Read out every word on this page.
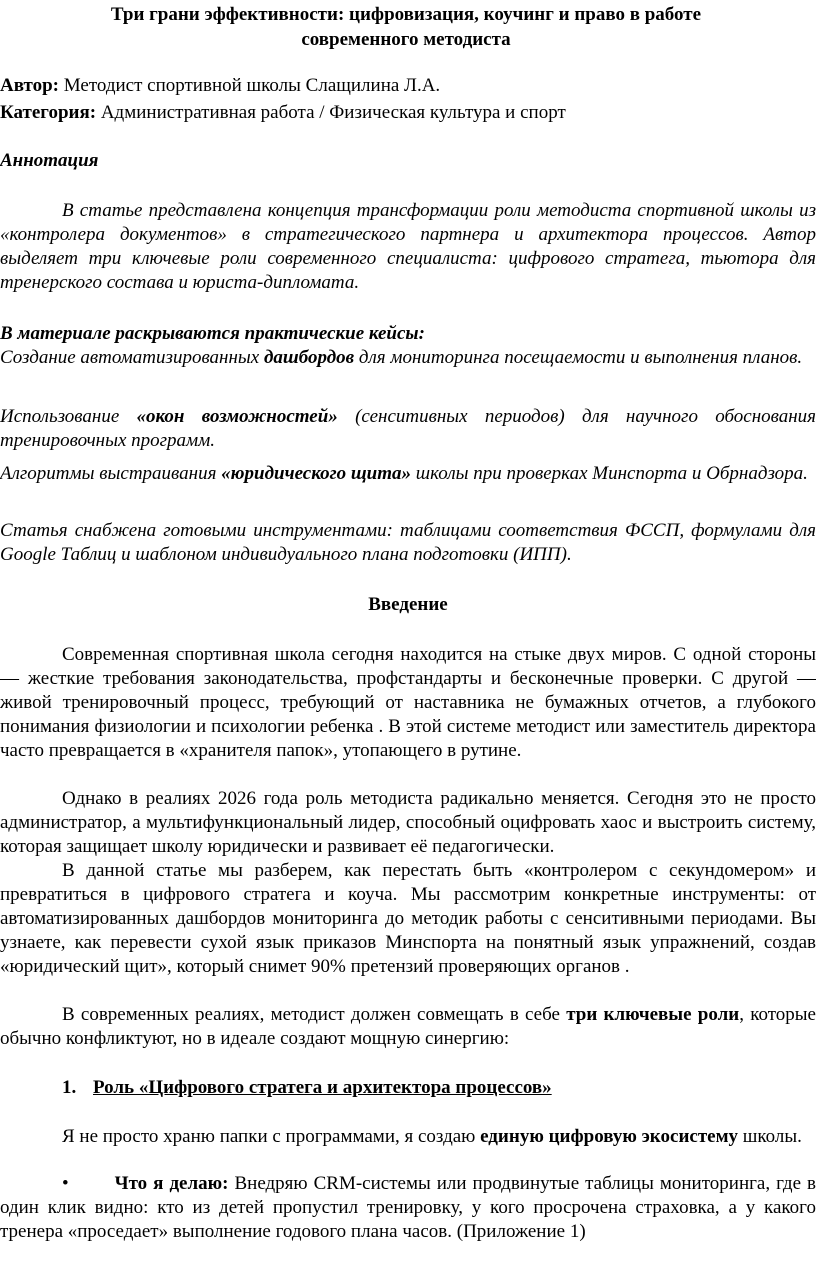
Три грани эффективности: цифровизация, коучинг и право в работе
современного методиста
Автор: Методист спортивной школы Слащилина Л.А.
Категория: Административная работа / Физическая культура и спорт
Аннотация
В статье представлена концепция трансформации роли методиста спортивной школы из «контролера документов» в стратегического партнера и архитектора процессов. Автор выделяет три ключевые роли современного специалиста: цифрового стратега, тьютора для тренерского состава и юриста-дипломата.
В материале раскрываются практические кейсы:
Создание автоматизированных дашбордов для мониторинга посещаемости и выполнения планов.
Использование «окон возможностей» (сенситивных периодов) для научного обоснования тренировочных программ.
Алгоритмы выстраивания «юридического щита» школы при проверках Минспорта и Обрнадзора.
Статья снабжена готовыми инструментами: таблицами соответствия ФССП, формулами для Google Таблиц и шаблоном индивидуального плана подготовки (ИПП).
Введение
Современная спортивная школа сегодня находится на стыке двух миров. С одной стороны — жесткие требования законодательства, профстандарты и бесконечные проверки. С другой — живой тренировочный процесс, требующий от наставника не бумажных отчетов, а глубокого понимания физиологии и психологии ребенка . В этой системе методист или заместитель директора часто превращается в «хранителя папок», утопающего в рутине.
Однако в реалиях 2026 года роль методиста радикально меняется. Сегодня это не просто администратор, а мультифункциональный лидер, способный оцифровать хаос и выстроить систему, которая защищает школу юридически и развивает её педагогически.
В данной статье мы разберем, как перестать быть «контролером с секундомером» и превратиться в цифрового стратега и коуча. Мы рассмотрим конкретные инструменты: от автоматизированных дашбордов мониторинга до методик работы с сенситивными периодами. Вы узнаете, как перевести сухой язык приказов Минспорта на понятный язык упражнений, создав «юридический щит», который снимет 90% претензий проверяющих органов .
В современных реалиях, методист должен совмещать в себе три ключевые роли, которые обычно конфликтуют, но в идеале создают мощную синергию:
1. Роль «Цифрового стратега и архитектора процессов»
Я не просто храню папки с программами, я создаю единую цифровую экосистему школы.
• Что я делаю: Внедряю CRM-системы или продвинутые таблицы мониторинга, где в один клик видно: кто из детей пропустил тренировку, у кого просрочена страховка, а у какого тренера «проседает» выполнение годового плана часов. (Приложение 1)
